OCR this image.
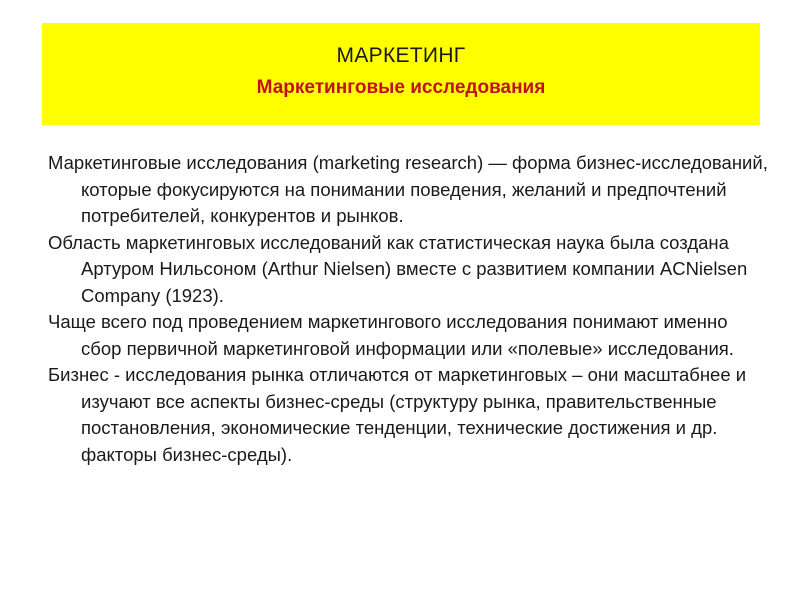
МАРКЕТИНГ
Маркетинговые исследования

Маркетинговые исследования (marketing research) — форма бизнес-исследований, которые фокусируются на понимании поведения, желаний и предпочтений потребителей, конкурентов и рынков.

Область маркетинговых исследований как статистическая наука была создана Артуром Нильсоном (Arthur Nielsen) вместе с развитием компании ACNielsen Company (1923).

Чаще всего под проведением маркетингового исследования понимают именно сбор первичной маркетинговой информации или «полевые» исследования.

Бизнес - исследования рынка отличаются от маркетинговых – они масштабнее и изучают все аспекты бизнес-среды (структуру рынка, правительственные постановления, экономические тенденции, технические достижения и др. факторы бизнес-среды).
